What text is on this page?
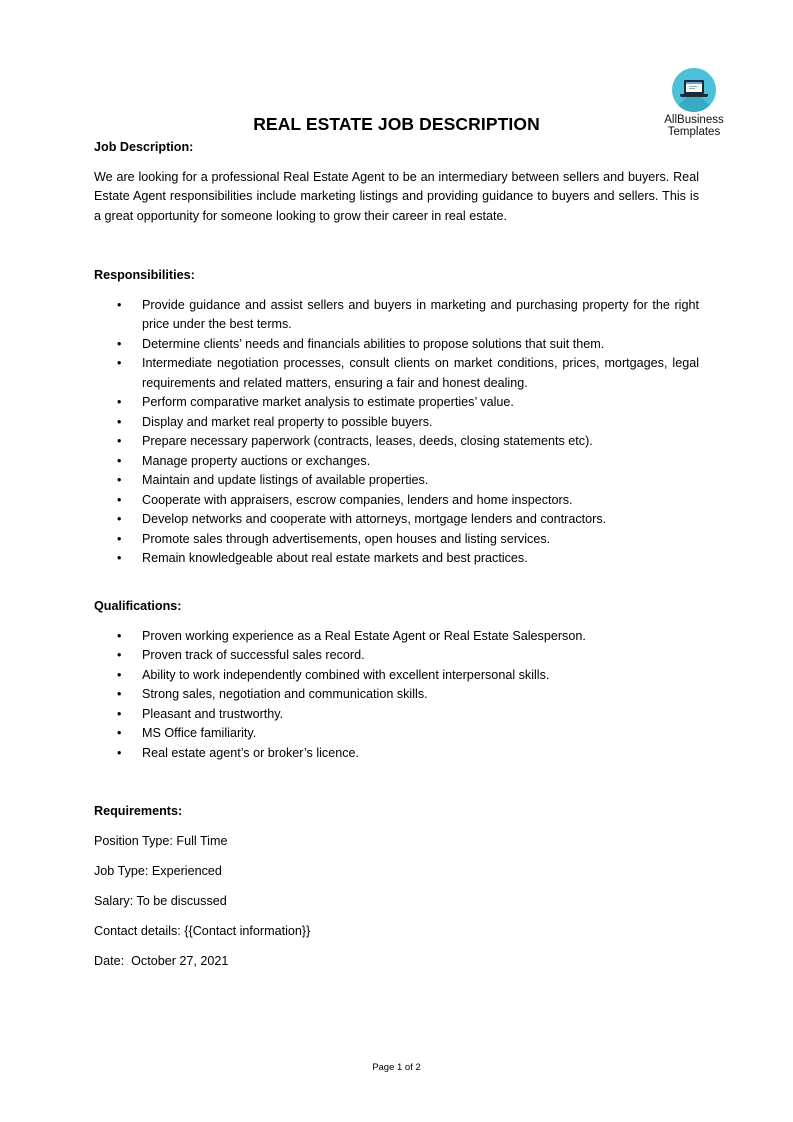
AllBusiness
Templates
REAL ESTATE JOB DESCRIPTION

Job Description:

We are looking for a professional Real Estate Agent to be an intermediary between sellers and buyers. Real Estate Agent responsibilities include marketing listings and providing guidance to buyers and sellers. This is a great opportunity for someone looking to grow their career in real estate.

Responsibilities:

• Provide guidance and assist sellers and buyers in marketing and purchasing property for the right price under the best terms.
• Determine clients’ needs and financials abilities to propose solutions that suit them.
• Intermediate negotiation processes, consult clients on market conditions, prices, mortgages, legal requirements and related matters, ensuring a fair and honest dealing.
• Perform comparative market analysis to estimate properties’ value.
• Display and market real property to possible buyers.
• Prepare necessary paperwork (contracts, leases, deeds, closing statements etc).
• Manage property auctions or exchanges.
• Maintain and update listings of available properties.
• Cooperate with appraisers, escrow companies, lenders and home inspectors.
• Develop networks and cooperate with attorneys, mortgage lenders and contractors.
• Promote sales through advertisements, open houses and listing services.
• Remain knowledgeable about real estate markets and best practices.

Qualifications:

• Proven working experience as a Real Estate Agent or Real Estate Salesperson.
• Proven track of successful sales record.
• Ability to work independently combined with excellent interpersonal skills.
• Strong sales, negotiation and communication skills.
• Pleasant and trustworthy.
• MS Office familiarity.
• Real estate agent’s or broker’s licence.

Requirements:

Position Type: Full Time

Job Type: Experienced

Salary: To be discussed

Contact details: {{Contact information}}

Date:  October 27, 2021

Page 1 of 2
